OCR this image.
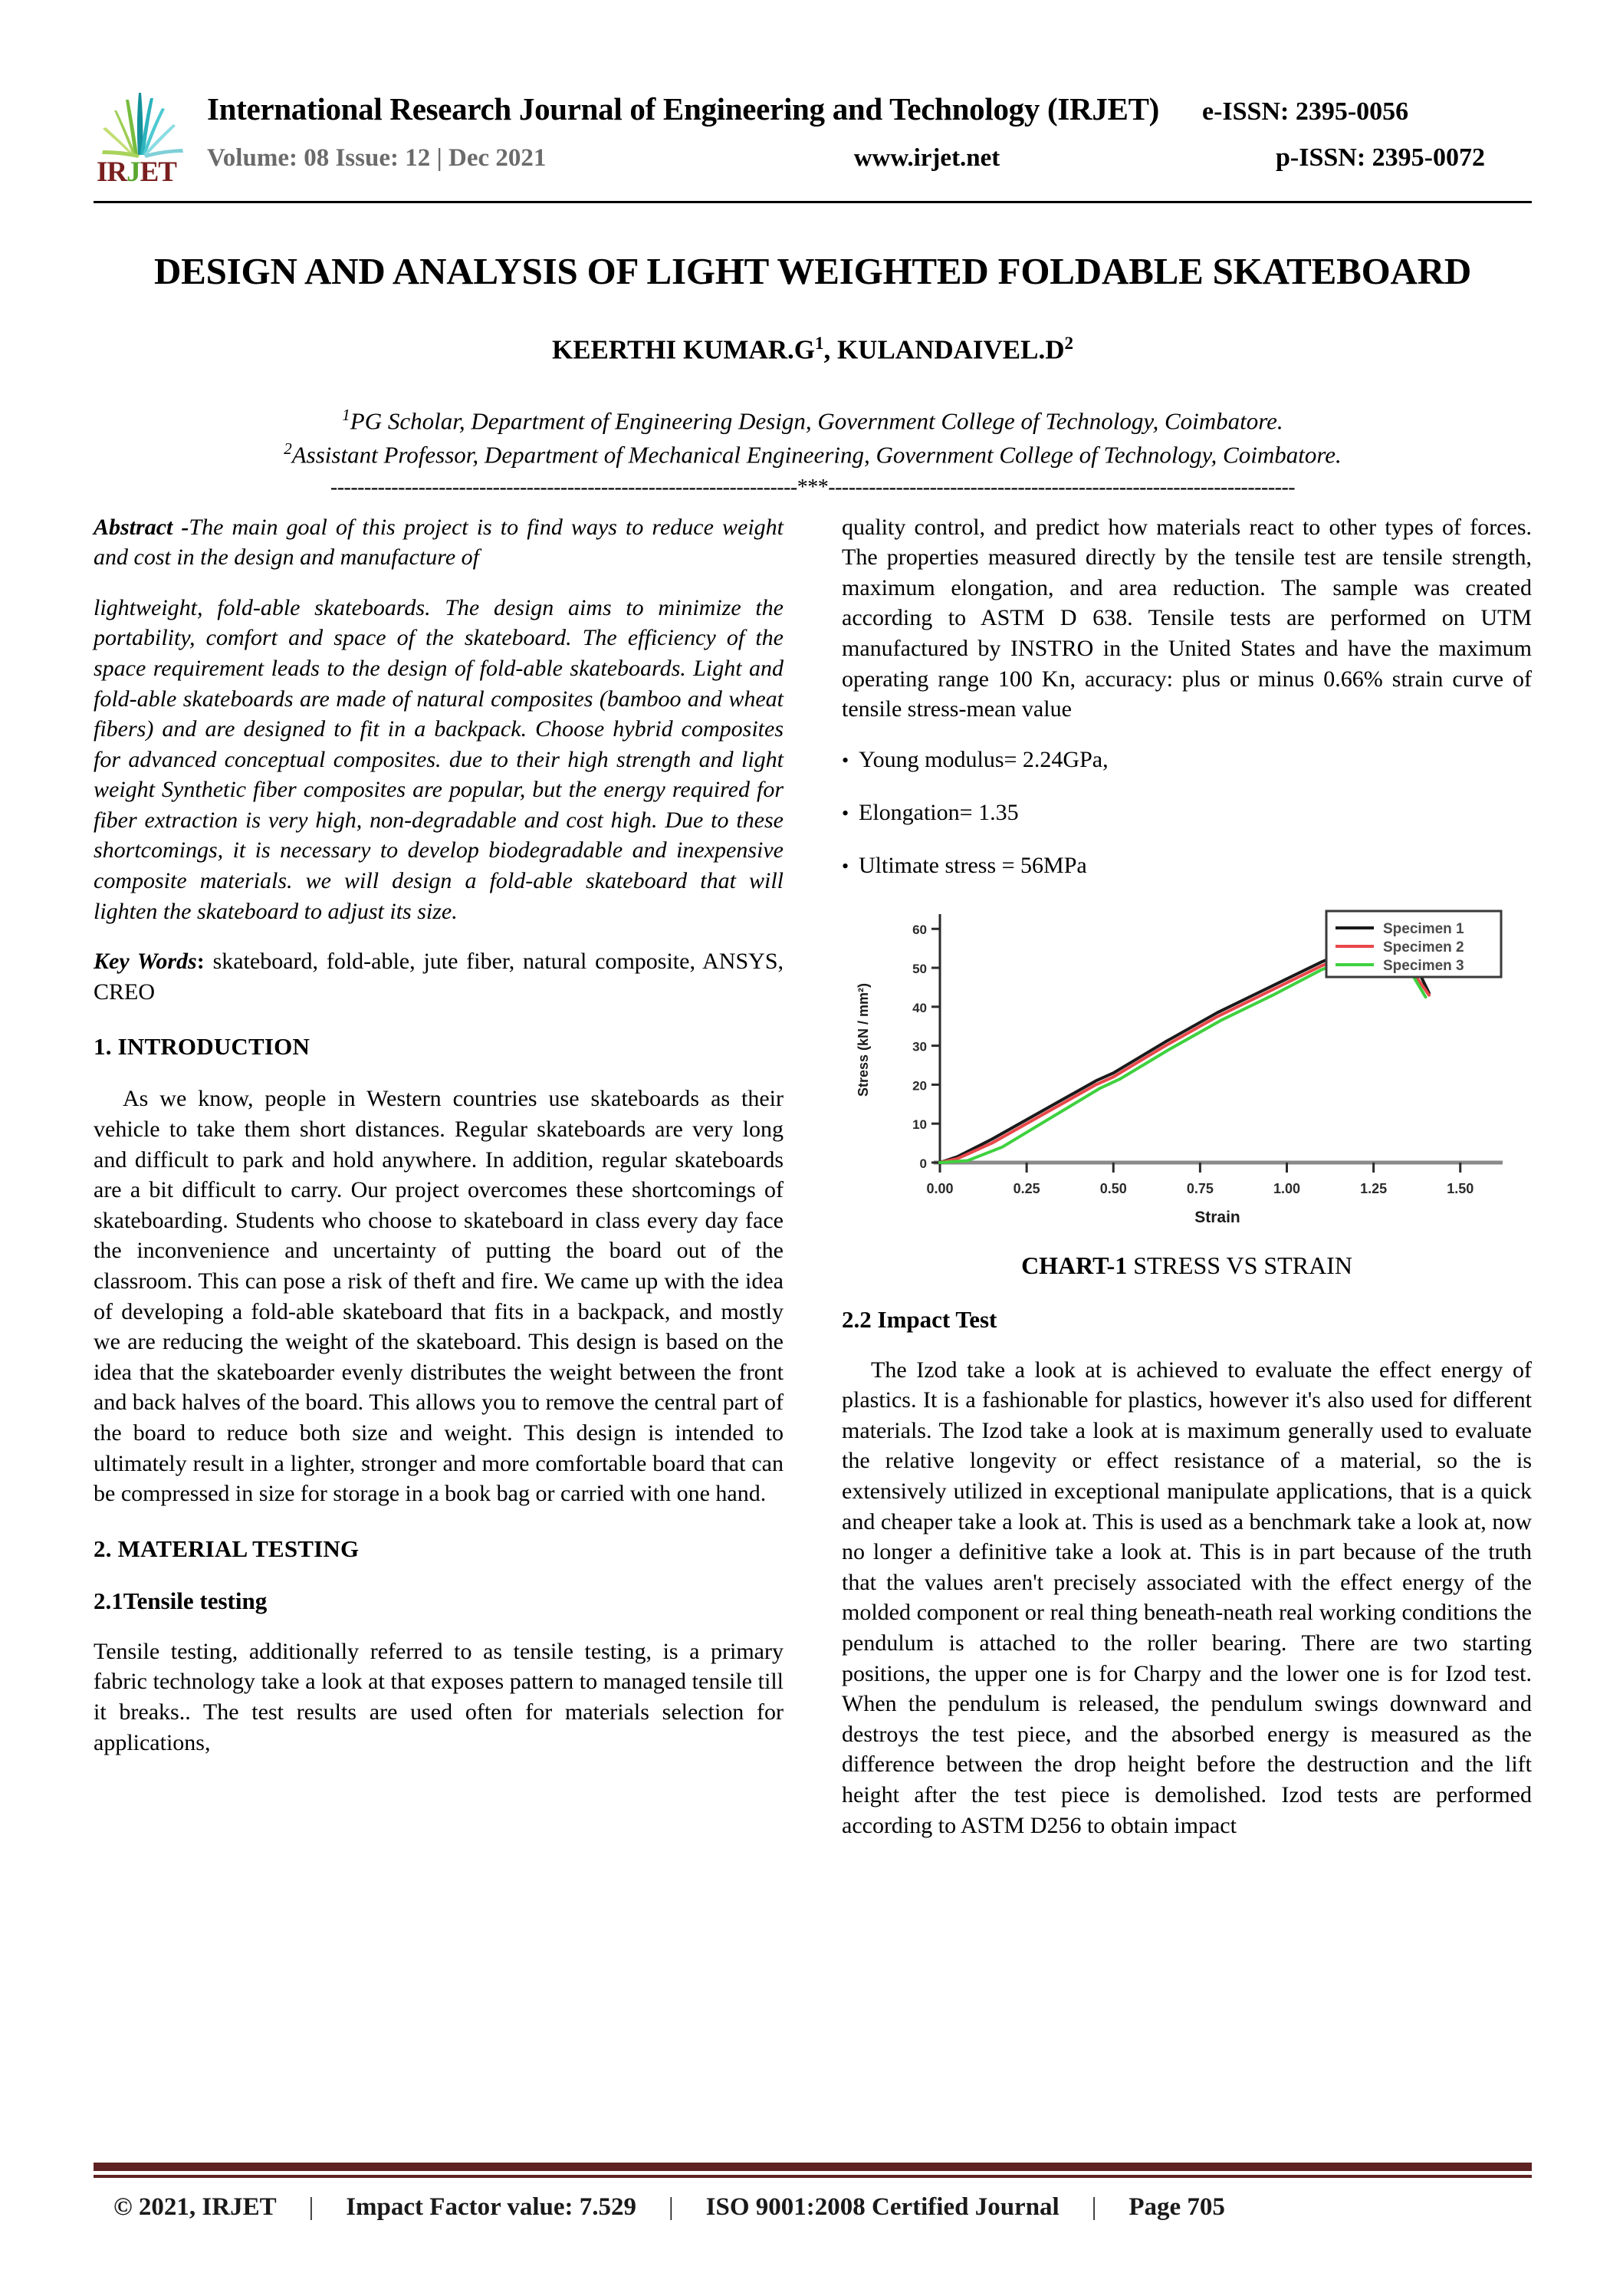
IRJET
International Research Journal of Engineering and Technology (IRJET) e-ISSN: 2395-0056
Volume: 08 Issue: 12 | Dec 2021	www.irjet.net	p-ISSN: 2395-0072
DESIGN AND ANALYSIS OF LIGHT WEIGHTED FOLDABLE SKATEBOARD
KEERTHI $KUMAR.G^1$, $KULANDAIVEL.D^2$
$^1$PG Scholar, Department of Engineering Design, Government College of Technology, Coimbatore.
$^2$Assistant Professor, Department of Mechanical Engineering, Government College of Technology, Coimbatore.
---------------------------------------------------------------------***---------------------------------------------------------------------

Abstract -The main goal of this project is to find ways to reduce weight and cost in the design and manufacture of

lightweight, fold-able skateboards. The design aims to minimize the portability, comfort and space of the skateboard. The efficiency of the space requirement leads to the design of fold-able skateboards. Light and fold-able skateboards are made of natural composites (bamboo and wheat fibers) and are designed to fit in a backpack. Choose hybrid composites for advanced conceptual composites. due to their high strength and light weight Synthetic fiber composites are popular, but the energy required for fiber extraction is very high, non-degradable and cost high. Due to these shortcomings, it is necessary to develop biodegradable and inexpensive composite materials. we will design a fold-able skateboard that will lighten the skateboard to adjust its size.

Key Words: skateboard, fold-able, jute fiber, natural composite, ANSYS, CREO

1. INTRODUCTION

As we know, people in Western countries use skateboards as their vehicle to take them short distances. Regular skateboards are very long and difficult to park and hold anywhere. In addition, regular skateboards are a bit difficult to carry. Our project overcomes these shortcomings of skateboarding. Students who choose to skateboard in class every day face the inconvenience and uncertainty of putting the board out of the classroom. This can pose a risk of theft and fire. We came up with the idea of developing a fold-able skateboard that fits in a backpack, and mostly we are reducing the weight of the skateboard. This design is based on the idea that the skateboarder evenly distributes the weight between the front and back halves of the board. This allows you to remove the central part of the board to reduce both size and weight. This design is intended to ultimately result in a lighter, stronger and more comfortable board that can be compressed in size for storage in a book bag or carried with one hand.

2. MATERIAL TESTING
2.1Tensile testing

Tensile testing, additionally referred to as tensile testing, is a primary fabric technology take a look at that exposes pattern to managed tensile till it breaks.. The test results are used often for materials selection for applications,

quality control, and predict how materials react to other types of forces. The properties measured directly by the tensile test are tensile strength, maximum elongation, and area reduction. The sample was created according to ASTM D 638. Tensile tests are performed on UTM manufactured by INSTRO in the United States and have the maximum operating range 100 Kn, accuracy: plus or minus 0.66% strain curve of tensile stress-mean value

• Young modulus= 2.24GPa,
• Elongation= 1.35
• Ultimate stress = 56MPa
0
10
20
30
40
50
60
0.00	0.25	0.50	0.75	1.00	1.25	1.50
Strain
Stress (kN / mm²)
Specimen 1
Specimen 2
Specimen 3
CHART-1 STRESS VS STRAIN
2.2 Impact Test

The Izod take a look at is achieved to evaluate the effect energy of plastics. It is a fashionable for plastics, however it's also used for different materials. The Izod take a look at is maximum generally used to evaluate the relative longevity or effect resistance of a material, so the is extensively utilized in exceptional manipulate applications, that is a quick and cheaper take a look at. This is used as a benchmark take a look at, now no longer a definitive take a look at. This is in part because of the truth that the values aren't precisely associated with the effect energy of the molded component or real thing beneath-neath real working conditions the pendulum is attached to the roller bearing. There are two starting positions, the upper one is for Charpy and the lower one is for Izod test. When the pendulum is released, the pendulum swings downward and destroys the test piece, and the absorbed energy is measured as the difference between the drop height before the destruction and the lift height after the test piece is demolished. Izod tests are performed according to ASTM D256 to obtain impact

© 2021, IRJET	|	Impact Factor value: 7.529	|	ISO 9001:2008 Certified Journal	|	Page 705
